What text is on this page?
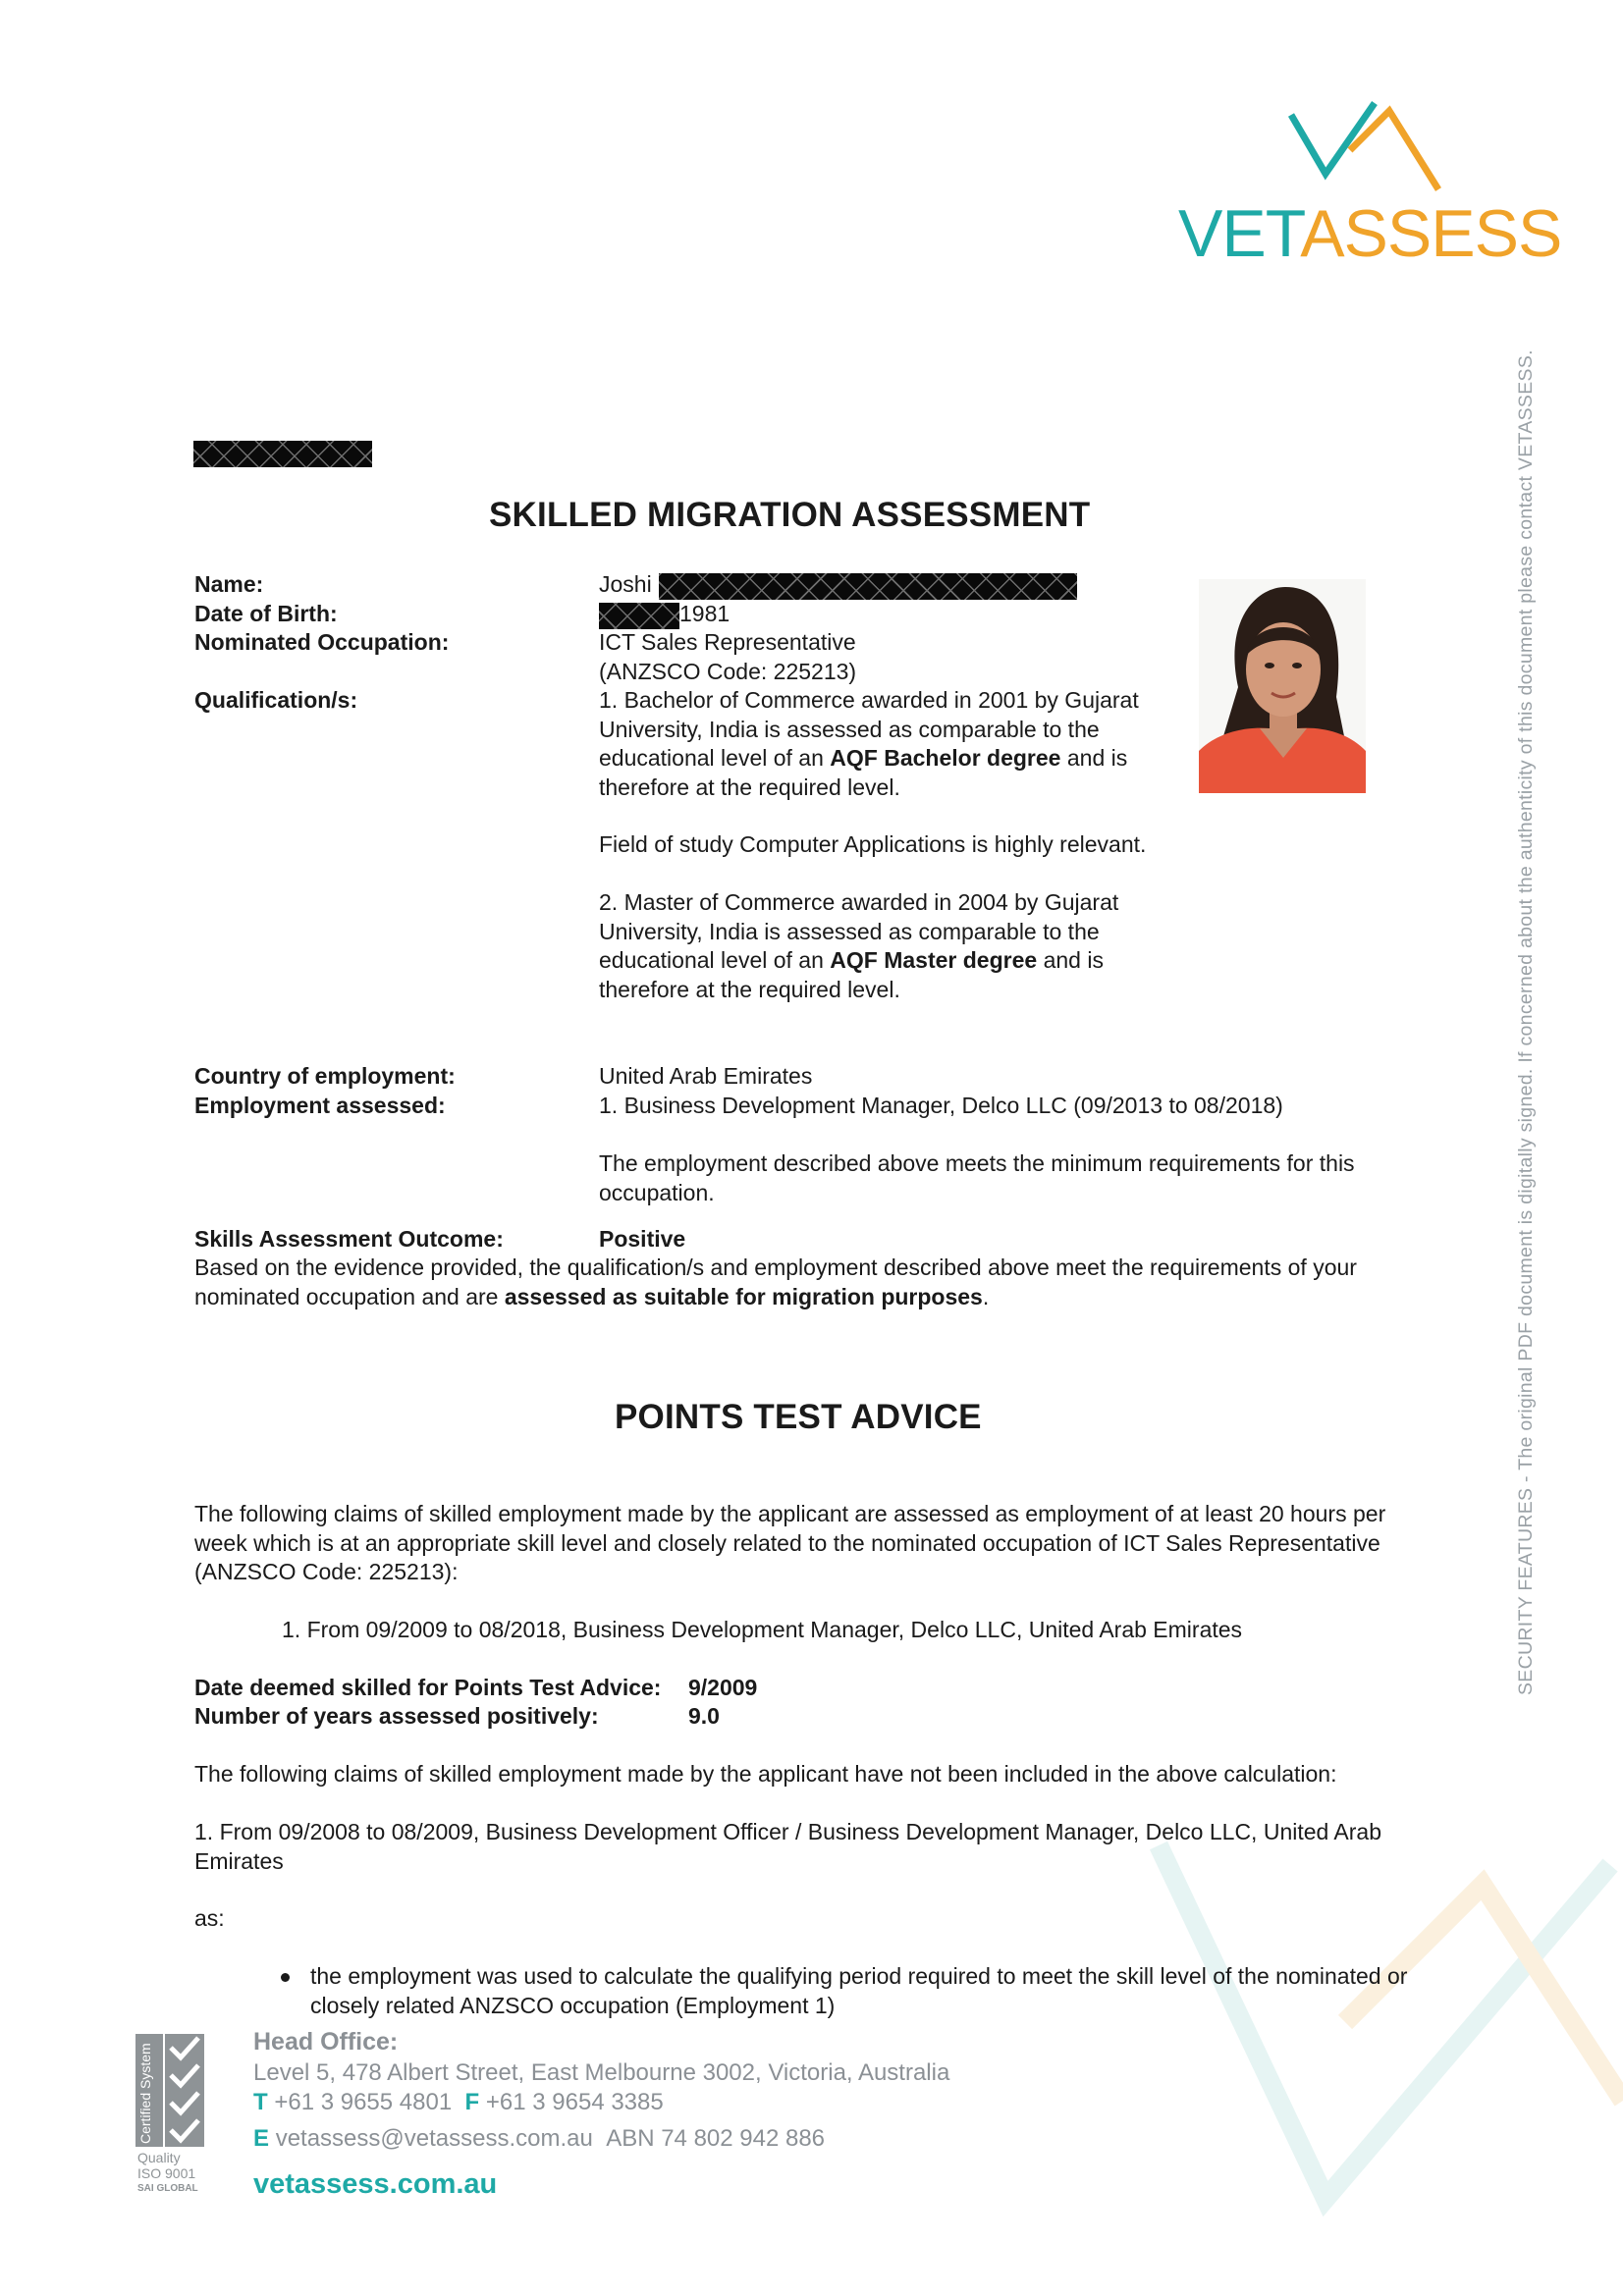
VETASSESS
SKILLED MIGRATION ASSESSMENT
Name:	Joshi
Date of Birth:	1981
Nominated Occupation:	ICT Sales Representative
(ANZSCO Code: 225213)
Qualification/s:	1. Bachelor of Commerce awarded in 2001 by Gujarat University, India is assessed as comparable to the educational level of an AQF Bachelor degree and is therefore at the required level.
Field of study Computer Applications is highly relevant.
2. Master of Commerce awarded in 2004 by Gujarat University, India is assessed as comparable to the educational level of an AQF Master degree and is therefore at the required level.
Country of employment:	United Arab Emirates
Employment assessed:	1. Business Development Manager, Delco LLC (09/2013 to 08/2018)
The employment described above meets the minimum requirements for this occupation.
Skills Assessment Outcome:	Positive
Based on the evidence provided, the qualification/s and employment described above meet the requirements of your nominated occupation and are assessed as suitable for migration purposes.
POINTS TEST ADVICE
The following claims of skilled employment made by the applicant are assessed as employment of at least 20 hours per week which is at an appropriate skill level and closely related to the nominated occupation of ICT Sales Representative (ANZSCO Code: 225213):
1. From 09/2009 to 08/2018, Business Development Manager, Delco LLC, United Arab Emirates
Date deemed skilled for Points Test Advice: 9/2009
Number of years assessed positively:	9.0
The following claims of skilled employment made by the applicant have not been included in the above calculation:
1. From 09/2008 to 08/2009, Business Development Officer / Business Development Manager, Delco LLC, United Arab Emirates
as:
the employment was used to calculate the qualifying period required to meet the skill level of the nominated or closely related ANZSCO occupation (Employment 1)
SECURITY FEATURES - The original PDF document is digitally signed. If concerned about the authenticity of this document please contact VETASSESS.
Certified System
Quality
ISO 9001
SAI GLOBAL
Head Office:
Level 5, 478 Albert Street, East Melbourne 3002, Victoria, Australia
T +61 3 9655 4801 F +61 3 9654 3385
E vetassess@vetassess.com.au ABN 74 802 942 886
vetassess.com.au
